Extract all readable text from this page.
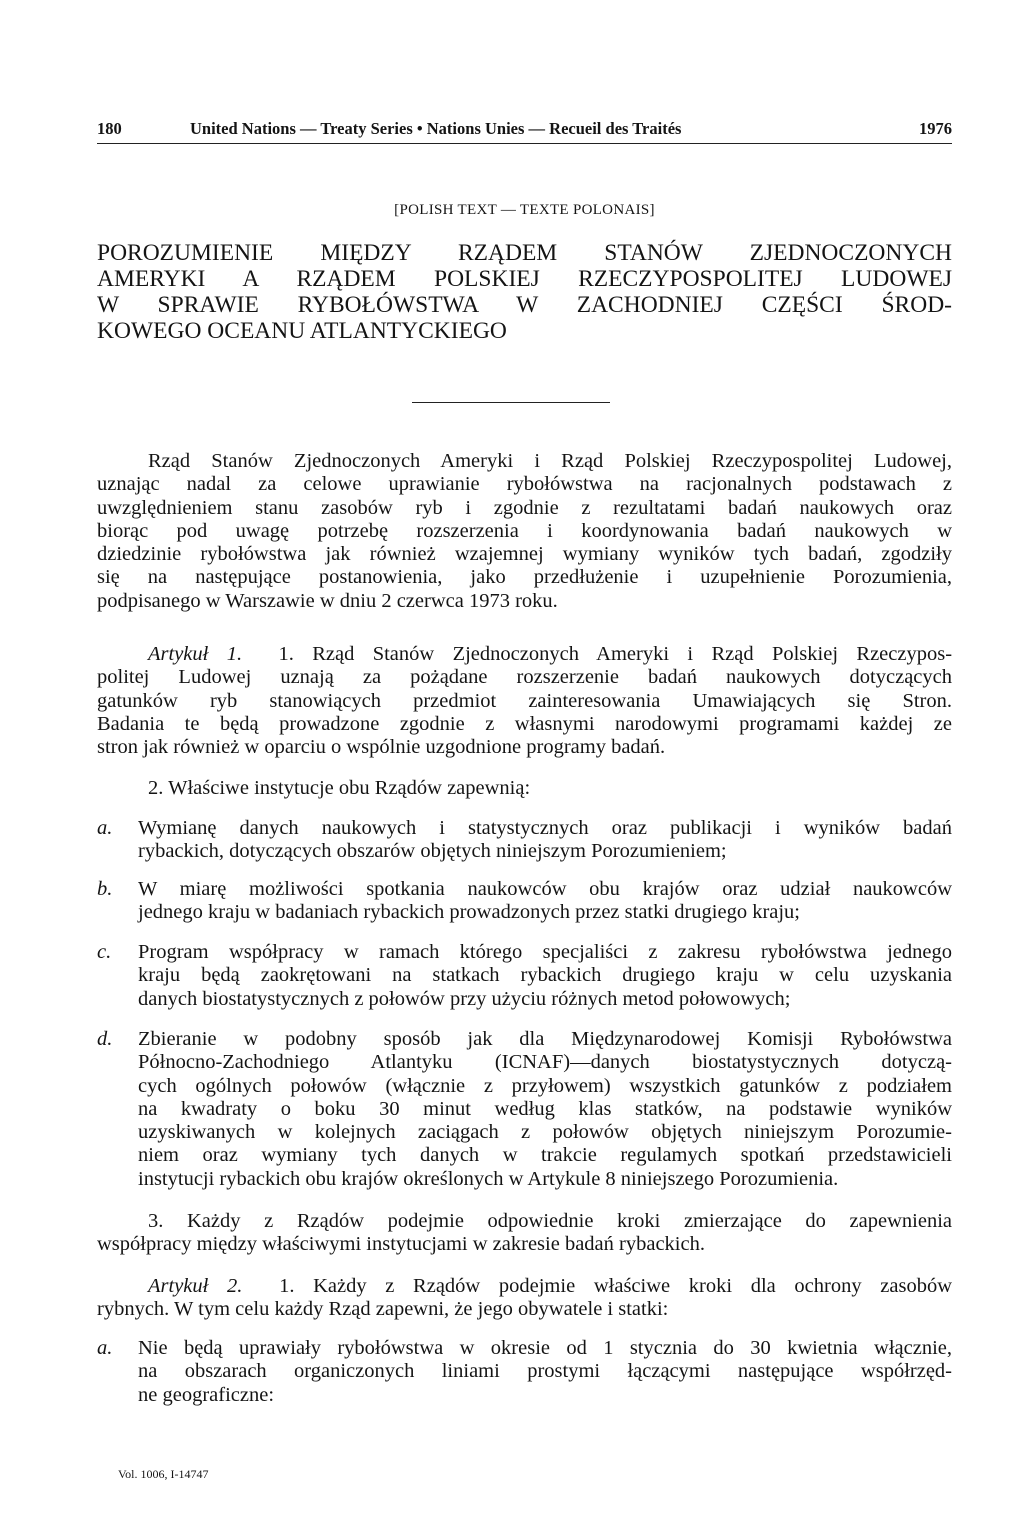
180	United Nations — Treaty Series • Nations Unies — Recueil des Traités	1976
[POLISH TEXT — TEXTE POLONAIS]
POROZUMIENIE MIĘDZY RZĄDEM STANÓW ZJEDNOCZONYCH
AMERYKI A RZĄDEM POLSKIEJ RZECZYPOSPOLITEJ LUDOWEJ
W SPRAWIE RYBOŁÓWSTWA W ZACHODNIEJ CZĘŚCI ŚROD-
KOWEGO OCEANU ATLANTYCKIEGO
Rząd Stanów Zjednoczonych Ameryki i Rząd Polskiej Rzeczypospolitej Ludowej,
uznając nadal za celowe uprawianie rybołówstwa na racjonalnych podstawach z
uwzględnieniem stanu zasobów ryb i zgodnie z rezultatami badań naukowych oraz
biorąc pod uwagę potrzebę rozszerzenia i koordynowania badań naukowych w
dziedzinie rybołówstwa jak również wzajemnej wymiany wyników tych badań, zgodziły
się na następujące postanowienia, jako przedłużenie i uzupełnienie Porozumienia,
podpisanego w Warszawie w dniu 2 czerwca 1973 roku.
Artykuł 1. 1. Rząd Stanów Zjednoczonych Ameryki i Rząd Polskiej Rzeczypos-
politej Ludowej uznają za pożądane rozszerzenie badań naukowych dotyczących
gatunków ryb stanowiących przedmiot zainteresowania Umawiających się Stron.
Badania te będą prowadzone zgodnie z własnymi narodowymi programami każdej ze
stron jak również w oparciu o wspólnie uzgodnione programy badań.
2. Właściwe instytucje obu Rządów zapewnią:
a. Wymianę danych naukowych i statystycznych oraz publikacji i wyników badań
rybackich, dotyczących obszarów objętych niniejszym Porozumieniem;
b. W miarę możliwości spotkania naukowców obu krajów oraz udział naukowców
jednego kraju w badaniach rybackich prowadzonych przez statki drugiego kraju;
c. Program współpracy w ramach którego specjaliści z zakresu rybołówstwa jednego
kraju będą zaokrętowani na statkach rybackich drugiego kraju w celu uzyskania
danych biostatystycznych z połowów przy użyciu różnych metod połowowych;
d. Zbieranie w podobny sposób jak dla Międzynarodowej Komisji Rybołówstwa
Północno-Zachodniego Atlantyku (ICNAF)—danych biostatystycznych dotyczą-
cych ogólnych połowów (włącznie z przyłowem) wszystkich gatunków z podziałem
na kwadraty o boku 30 minut według klas statków, na podstawie wyników
uzyskiwanych w kolejnych zaciągach z połowów objętych niniejszym Porozumie-
niem oraz wymiany tych danych w trakcie regulamych spotkań przedstawicieli
instytucji rybackich obu krajów określonych w Artykule 8 niniejszego Porozumienia.
3. Każdy z Rządów podejmie odpowiednie kroki zmierzające do zapewnienia
współpracy między właściwymi instytucjami w zakresie badań rybackich.
Artykuł 2. 1. Każdy z Rządów podejmie właściwe kroki dla ochrony zasobów
rybnych. W tym celu każdy Rząd zapewni, że jego obywatele i statki:
a. Nie będą uprawiały rybołówstwa w okresie od 1 stycznia do 30 kwietnia włącznie,
na obszarach organiczonych liniami prostymi łączącymi następujące współrzęd-
ne geograficzne:
Vol. 1006, I-14747
